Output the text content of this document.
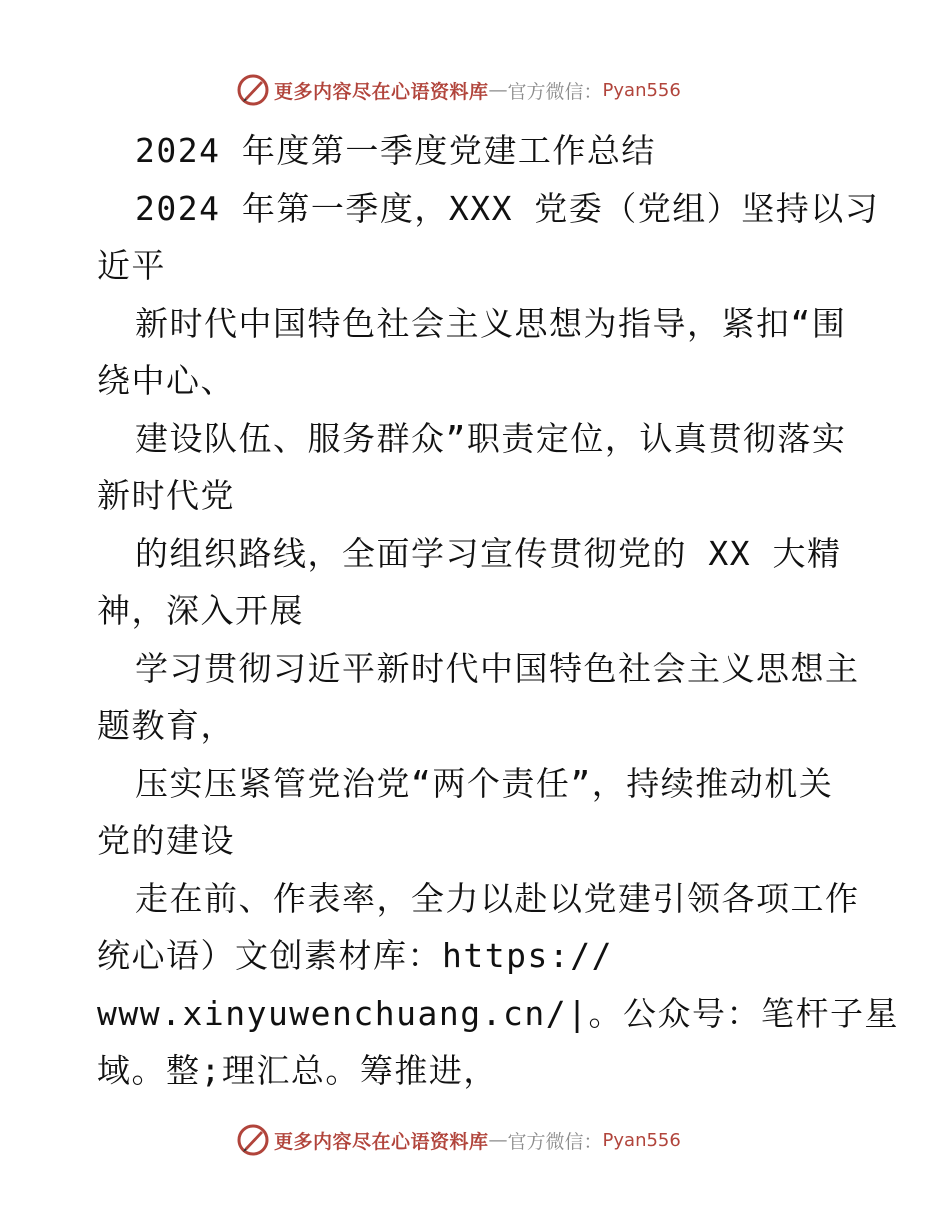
更多内容尽在心语资料库 — 官方微信： Pyan556
2024 年度第一季度党建工作总结
2024 年第一季度，XXX 党委（党组）坚持以习
近平
新时代中国特色社会主义思想为指导，紧扣“围
绕中心、
建设队伍、服务群众”职责定位，认真贯彻落实
新时代党
的组织路线，全面学习宣传贯彻党的 XX 大精
神，深入开展
学习贯彻习近平新时代中国特色社会主义思想主
题教育，
压实压紧管党治党“两个责任”，持续推动机关
党的建设
走在前、作表率，全力以赴以党建引领各项工作
统心语）文创素材库：https://
www.xinyuwenchuang.cn/|。公众号：笔杆子星
域。整;理汇总。筹推进，
更多内容尽在心语资料库 — 官方微信： Pyan556
